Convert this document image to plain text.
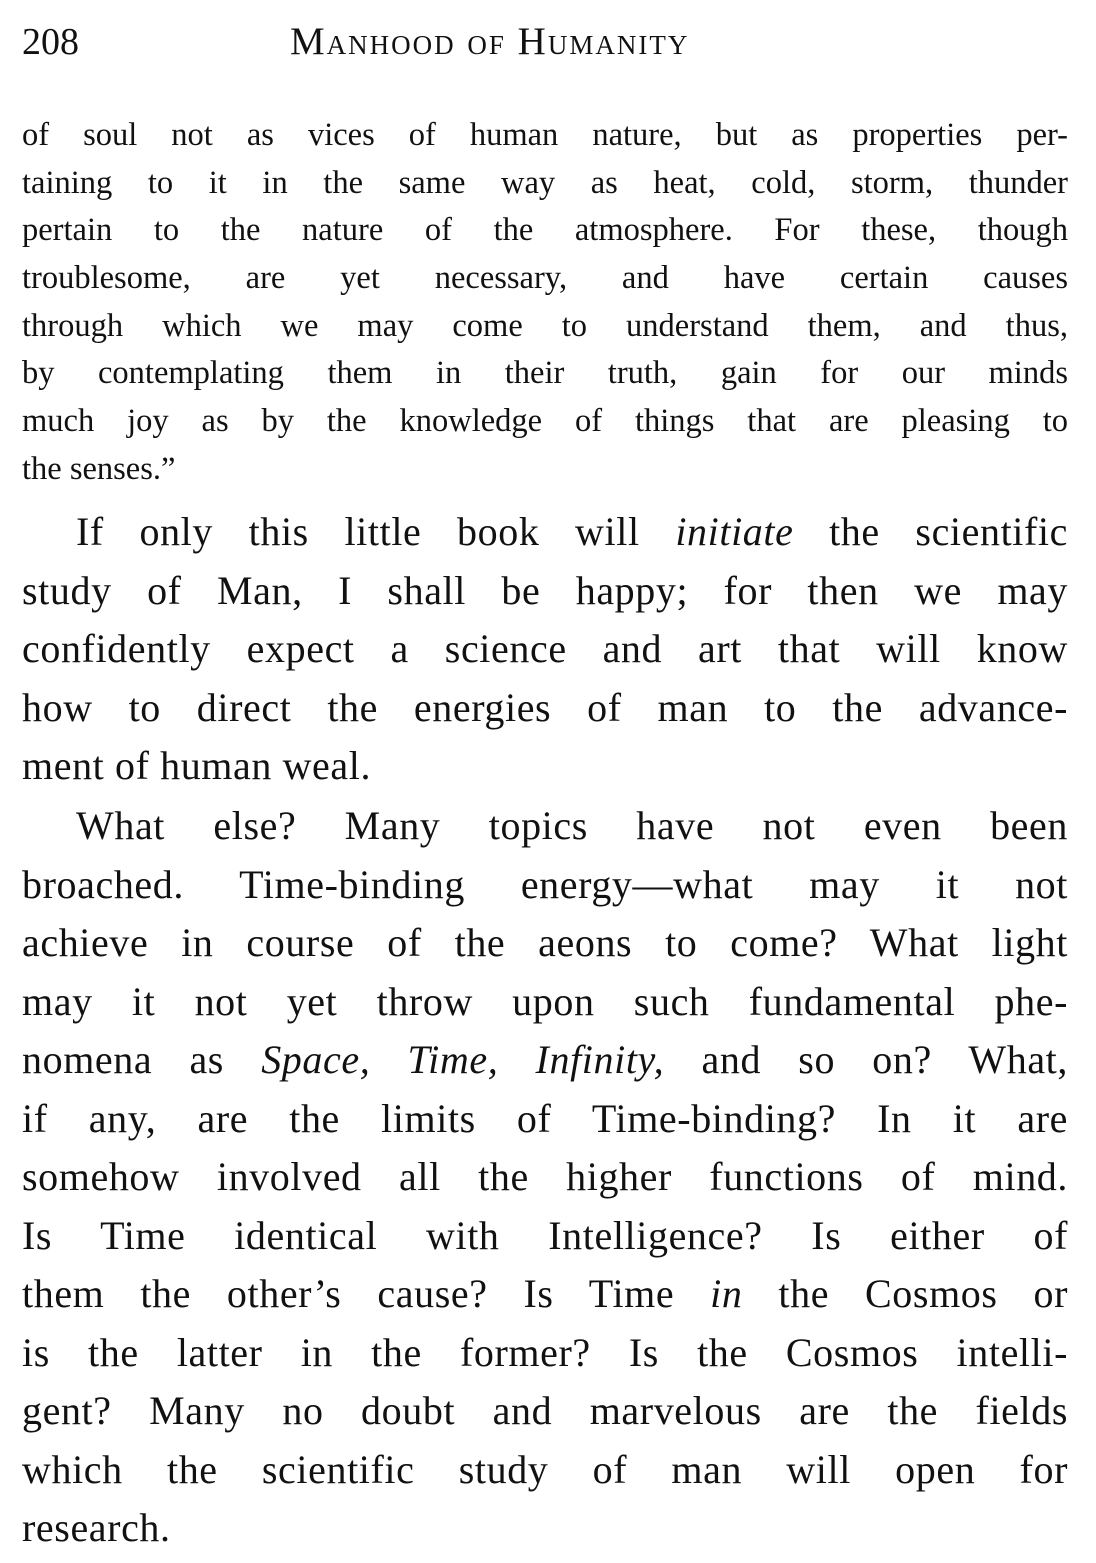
208	Manhood of Humanity
of soul not as vices of human nature, but as properties per-
taining to it in the same way as heat, cold, storm, thunder
pertain to the nature of the atmosphere. For these, though
troublesome, are yet necessary, and have certain causes
through which we may come to understand them, and thus,
by contemplating them in their truth, gain for our minds
much joy as by the knowledge of things that are pleasing to
the senses.”
If only this little book will initiate the scientific
study of Man, I shall be happy; for then we may
confidently expect a science and art that will know
how to direct the energies of man to the advance-
ment of human weal.
What else? Many topics have not even been
broached. Time-binding energy—what may it not
achieve in course of the aeons to come? What light
may it not yet throw upon such fundamental phe-
nomena as Space, Time, Infinity, and so on? What,
if any, are the limits of Time-binding? In it are
somehow involved all the higher functions of mind.
Is Time identical with Intelligence? Is either of
them the other’s cause? Is Time in the Cosmos or
is the latter in the former? Is the Cosmos intelli-
gent? Many no doubt and marvelous are the fields
which the scientific study of man will open for
research.
